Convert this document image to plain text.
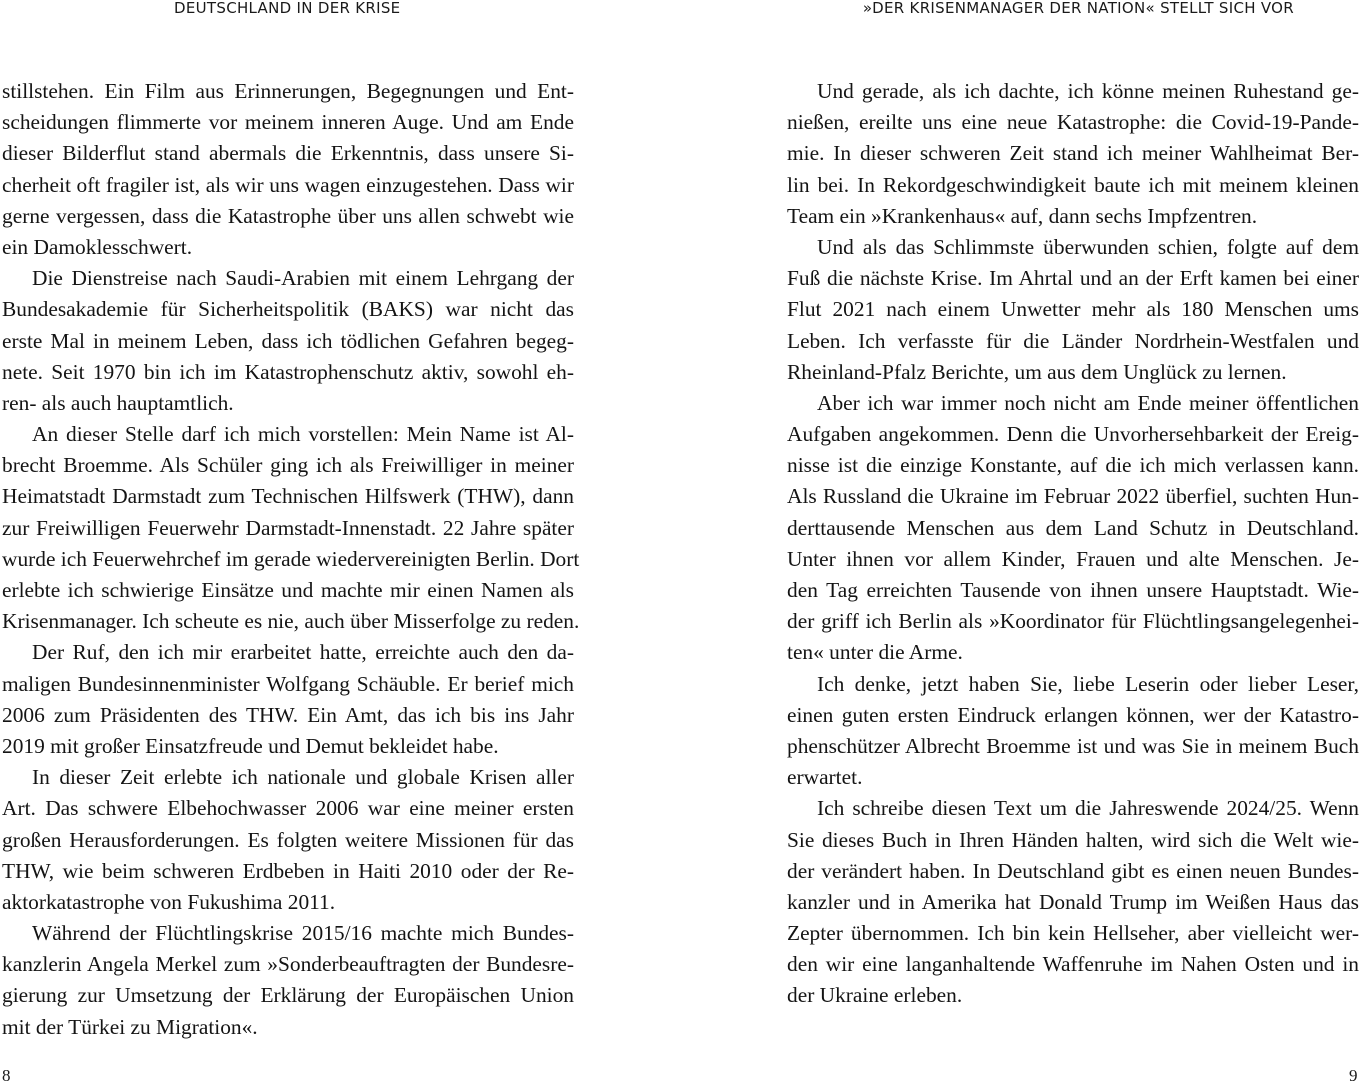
DEUTSCHLAND IN DER KRISE	»DER KRISENMANAGER DER NATION« STELLT SICH VOR
stillstehen. Ein Film aus Erinnerungen, Begegnungen und Ent-
scheidungen flimmerte vor meinem inneren Auge. Und am Ende
dieser Bilderflut stand abermals die Erkenntnis, dass unsere Si-
cherheit oft fragiler ist, als wir uns wagen einzugestehen. Dass wir
gerne vergessen, dass die Katastrophe über uns allen schwebt wie
ein Damoklesschwert.
Die Dienstreise nach Saudi-Arabien mit einem Lehrgang der
Bundesakademie für Sicherheitspolitik (BAKS) war nicht das
erste Mal in meinem Leben, dass ich tödlichen Gefahren begeg-
nete. Seit 1970 bin ich im Katastrophenschutz aktiv, sowohl eh-
ren- als auch hauptamtlich.
An dieser Stelle darf ich mich vorstellen: Mein Name ist Al-
brecht Broemme. Als Schüler ging ich als Freiwilliger in meiner
Heimatstadt Darmstadt zum Technischen Hilfswerk (THW), dann
zur Freiwilligen Feuerwehr Darmstadt-Innenstadt. 22 Jahre später
wurde ich Feuerwehrchef im gerade wiedervereinigten Berlin. Dort
erlebte ich schwierige Einsätze und machte mir einen Namen als
Krisenmanager. Ich scheute es nie, auch über Misserfolge zu reden.
Der Ruf, den ich mir erarbeitet hatte, erreichte auch den da-
maligen Bundesinnenminister Wolfgang Schäuble. Er berief mich
2006 zum Präsidenten des THW. Ein Amt, das ich bis ins Jahr
2019 mit großer Einsatzfreude und Demut bekleidet habe.
In dieser Zeit erlebte ich nationale und globale Krisen aller
Art. Das schwere Elbehochwasser 2006 war eine meiner ersten
großen Herausforderungen. Es folgten weitere Missionen für das
THW, wie beim schweren Erdbeben in Haiti 2010 oder der Re-
aktorkatastrophe von Fukushima 2011.
Während der Flüchtlingskrise 2015/16 machte mich Bundes-
kanzlerin Angela Merkel zum »Sonderbeauftragten der Bundesre-
gierung zur Umsetzung der Erklärung der Europäischen Union
mit der Türkei zu Migration«.
Und gerade, als ich dachte, ich könne meinen Ruhestand ge-
nießen, ereilte uns eine neue Katastrophe: die Covid-19-Pande-
mie. In dieser schweren Zeit stand ich meiner Wahlheimat Ber-
lin bei. In Rekordgeschwindigkeit baute ich mit meinem kleinen
Team ein »Krankenhaus« auf, dann sechs Impfzentren.
Und als das Schlimmste überwunden schien, folgte auf dem
Fuß die nächste Krise. Im Ahrtal und an der Erft kamen bei einer
Flut 2021 nach einem Unwetter mehr als 180 Menschen ums
Leben. Ich verfasste für die Länder Nordrhein-Westfalen und
Rheinland-Pfalz Berichte, um aus dem Unglück zu lernen.
Aber ich war immer noch nicht am Ende meiner öffentlichen
Aufgaben angekommen. Denn die Unvorhersehbarkeit der Ereig-
nisse ist die einzige Konstante, auf die ich mich verlassen kann.
Als Russland die Ukraine im Februar 2022 überfiel, suchten Hun-
derttausende Menschen aus dem Land Schutz in Deutschland.
Unter ihnen vor allem Kinder, Frauen und alte Menschen. Je-
den Tag erreichten Tausende von ihnen unsere Hauptstadt. Wie-
der griff ich Berlin als »Koordinator für Flüchtlingsangelegenhei-
ten« unter die Arme.
Ich denke, jetzt haben Sie, liebe Leserin oder lieber Leser,
einen guten ersten Eindruck erlangen können, wer der Katastro-
phenschützer Albrecht Broemme ist und was Sie in meinem Buch
erwartet.
Ich schreibe diesen Text um die Jahreswende 2024/25. Wenn
Sie dieses Buch in Ihren Händen halten, wird sich die Welt wie-
der verändert haben. In Deutschland gibt es einen neuen Bundes-
kanzler und in Amerika hat Donald Trump im Weißen Haus das
Zepter übernommen. Ich bin kein Hellseher, aber vielleicht wer-
den wir eine langanhaltende Waffenruhe im Nahen Osten und in
der Ukraine erleben.
8	9
